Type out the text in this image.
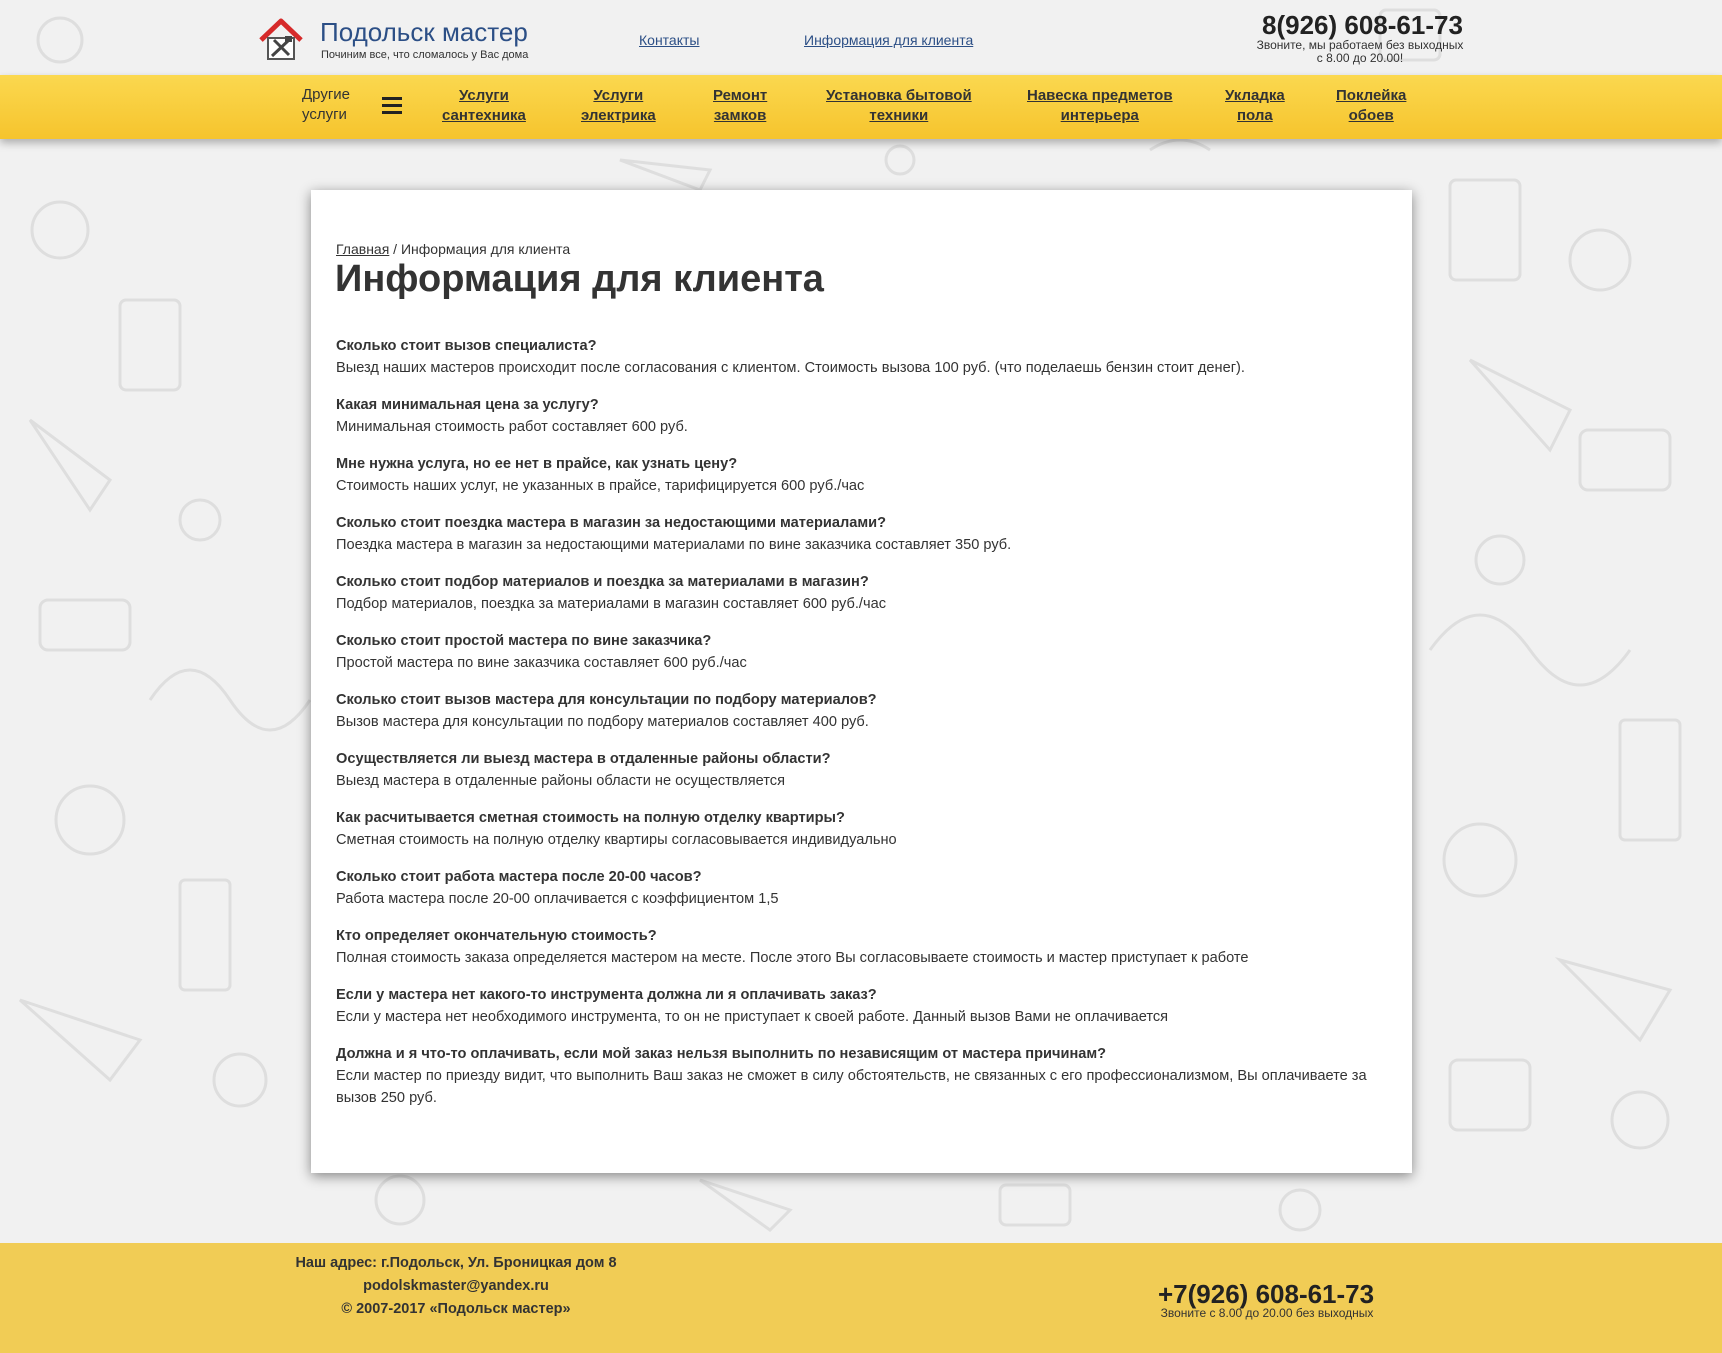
Подольск мастер
Починим все, что сломалось у Вас дома
Контакты	Информация для клиента	8(926) 608-61-73
Звоните, мы работаем без выходных
с 8.00 до 20.00!
Другие
услуги
Услуги
сантехника
Услуги
электрика
Ремонт
замков
Установка бытовой
техники
Навеска предметов
интерьера
Укладка
пола
Поклейка
обоев
Главная / Информация для клиента
Информация для клиента
Сколько стоит вызов специалиста?
Выезд наших мастеров происходит после согласования с клиентом. Стоимость вызова 100 руб. (что поделаешь бензин стоит денег).
Какая минимальная цена за услугу?
Минимальная стоимость работ составляет 600 руб.
Мне нужна услуга, но ее нет в прайсе, как узнать цену?
Стоимость наших услуг, не указанных в прайсе, тарифицируется 600 руб./час
Сколько стоит поездка мастера в магазин за недостающими материалами?
Поездка мастера в магазин за недостающими материалами по вине заказчика составляет 350 руб.
Сколько стоит подбор материалов и поездка за материалами в магазин?
Подбор материалов, поездка за материалами в магазин составляет 600 руб./час
Сколько стоит простой мастера по вине заказчика?
Простой мастера по вине заказчика составляет 600 руб./час
Сколько стоит вызов мастера для консультации по подбору материалов?
Вызов мастера для консультации по подбору материалов составляет 400 руб.
Осуществляется ли выезд мастера в отдаленные районы области?
Выезд мастера в отдаленные районы области не осуществляется
Как расчитывается сметная стоимость на полную отделку квартиры?
Сметная стоимость на полную отделку квартиры согласовывается индивидуально
Сколько стоит работа мастера после 20-00 часов?
Работа мастера после 20-00 оплачивается с коэффициентом 1,5
Кто определяет окончательную стоимость?
Полная стоимость заказа определяется мастером на месте. После этого Вы согласовываете стоимость и мастер приступает к работе
Если у мастера нет какого-то инструмента должна ли я оплачивать заказ?
Если у мастера нет необходимого инструмента, то он не приступает к своей работе. Данный вызов Вами не оплачивается
Должна и я что-то оплачивать, если мой заказ нельзя выполнить по независящим от мастера причинам?
Если мастер по приезду видит, что выполнить Ваш заказ не сможет в силу обстоятельств, не связанных с его профессионализмом, Вы оплачиваете за вызов 250 руб.
Наш адрес: г.Подольск, Ул. Броницкая дом 8
podolskmaster@yandex.ru
© 2007-2017 «Подольск мастер»	+7(926) 608-61-73
Звоните с 8.00 до 20.00 без выходных
